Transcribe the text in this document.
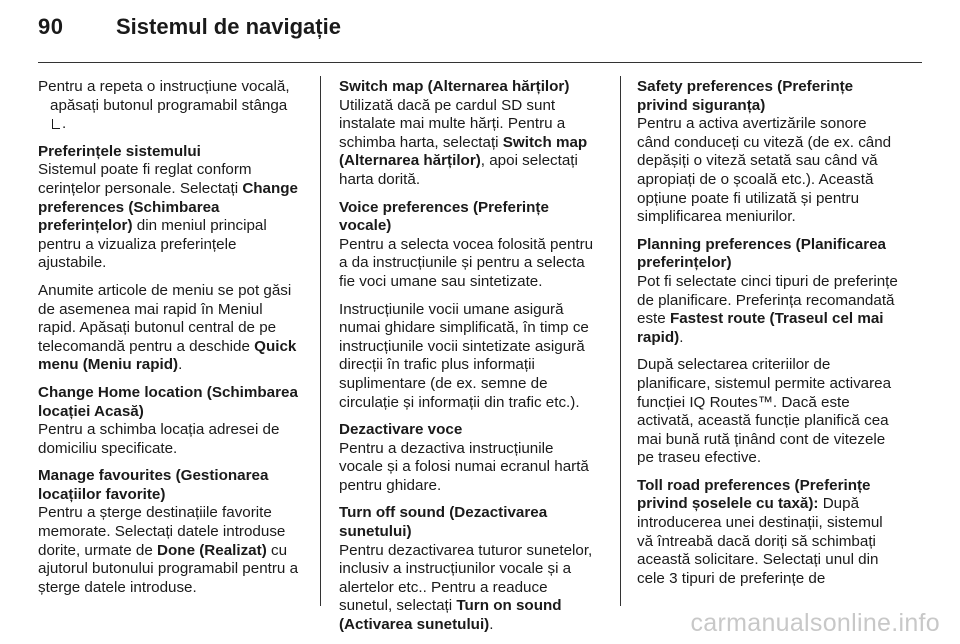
90 Sistemul de navigație

Pentru a repeta o instrucțiune vocală, apăsați butonul programabil stânga .

Preferințele sistemului
Sistemul poate fi reglat conform cerințelor personale. Selectați Change preferences (Schimbarea preferințelor) din meniul principal pentru a vizualiza preferințele ajustabile.

Anumite articole de meniu se pot găsi de asemenea mai rapid în Meniul rapid. Apăsați butonul central de pe telecomandă pentru a deschide Quick menu (Meniu rapid).

Change Home location (Schimbarea locației Acasă)
Pentru a schimba locația adresei de domiciliu specificate.

Manage favourites (Gestionarea locațiilor favorite)
Pentru a șterge destinațiile favorite memorate. Selectați datele introduse dorite, urmate de Done (Realizat) cu ajutorul butonului programabil pentru a șterge datele introduse.

Switch map (Alternarea hărților)
Utilizată dacă pe cardul SD sunt instalate mai multe hărți. Pentru a schimba harta, selectați Switch map (Alternarea hărților), apoi selectați harta dorită.

Voice preferences (Preferințe vocale)
Pentru a selecta vocea folosită pentru a da instrucțiunile și pentru a selecta fie voci umane sau sintetizate.

Instrucțiunile vocii umane asigură numai ghidare simplificată, în timp ce instrucțiunile vocii sintetizate asigură direcții în trafic plus informații suplimentare (de ex. semne de circulație și informații din trafic etc.).

Dezactivare voce
Pentru a dezactiva instrucțiunile vocale și a folosi numai ecranul hartă pentru ghidare.

Turn off sound (Dezactivarea sunetului)
Pentru dezactivarea tuturor sunetelor, inclusiv a instrucțiunilor vocale și a alertelor etc.. Pentru a readuce sunetul, selectați Turn on sound (Activarea sunetului).

Safety preferences (Preferințe privind siguranța)
Pentru a activa avertizările sonore când conduceți cu viteză (de ex. când depășiți o viteză setată sau când vă apropiați de o școală etc.). Această opțiune poate fi utilizată și pentru simplificarea meniurilor.

Planning preferences (Planificarea preferințelor)
Pot fi selectate cinci tipuri de preferințe de planificare. Preferința recomandată este Fastest route (Traseul cel mai rapid).

După selectarea criteriilor de planificare, sistemul permite activarea funcției IQ Routes™. Dacă este activată, această funcție planifică cea mai bună rută ținând cont de vitezele pe traseu efective.

Toll road preferences (Preferințe privind șoselele cu taxă): După introducerea unei destinații, sistemul vă întreabă dacă doriți să schimbați această solicitare. Selectați unul din cele 3 tipuri de preferințe de

carmanualsonline.info
